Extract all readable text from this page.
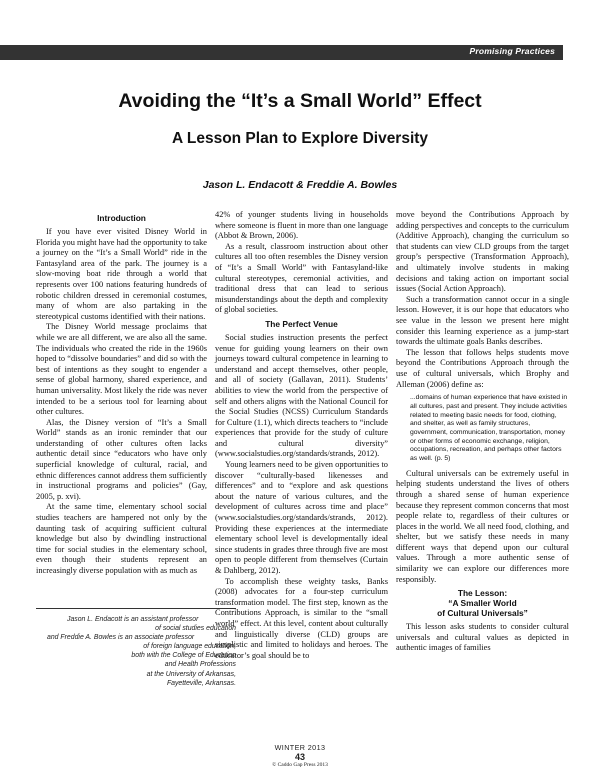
Promising Practices
Avoiding the “It’s a Small World” Effect
A Lesson Plan to Explore Diversity
Jason L. Endacott & Freddie A. Bowles
Introduction

If you have ever visited Disney World in Florida you might have had the opportunity to take a journey on the “It’s a Small World” ride in the Fantasyland area of the park. The journey is a slow-moving boat ride through a world that represents over 100 nations featuring hundreds of robotic children dressed in ceremonial costumes, many of whom are also partaking in the stereotypical customs identified with their nations.

The Disney World message proclaims that while we are all different, we are also all the same. The individuals who created the ride in the 1960s hoped to “dissolve boundaries” and did so with the best of intentions as they sought to engender a sense of global harmony, shared experience, and human universality. Most likely the ride was never intended to be a serious tool for learning about other cultures.

Alas, the Disney version of “It’s a Small World” stands as an ironic reminder that our understanding of other cultures often lacks authentic detail since “educators who have only superficial knowledge of cultural, racial, and ethnic differences cannot address them sufficiently in instructional programs and policies” (Gay, 2005, p. xvi).

At the same time, elementary school social studies teachers are hampered not only by the daunting task of acquiring sufficient cultural knowledge but also by dwindling instructional time for social studies in the elementary school, even though their students represent an increasingly diverse population with as much as

Jason L. Endacott is an assistant professor
of social studies education
and Freddie A. Bowles is an associate professor
of foreign language education,
both with the College of Education
and Health Professions
at the University of Arkansas,
Fayetteville, Arkansas.

42% of younger students living in households where someone is fluent in more than one language (Abbot & Brown, 2006).

As a result, classroom instruction about other cultures all too often resembles the Disney version of “It’s a Small World” with Fantasyland-like cultural stereotypes, ceremonial activities, and traditional dress that can lead to serious misunderstandings about the depth and complexity of global societies.

The Perfect Venue

Social studies instruction presents the perfect venue for guiding young learners on their own journeys toward cultural competence in learning to understand and accept themselves, other people, and all of society (Gallavan, 2011). Students’ abilities to view the world from the perspective of self and others aligns with the National Council for the Social Studies (NCSS) Curriculum Standards for Culture (1.1), which directs teachers to “include experiences that provide for the study of culture and cultural diversity” (www.socialstudies.org/standards/strands, 2012).

Young learners need to be given opportunities to discover “culturally-based likenesses and differences” and to “explore and ask questions about the nature of various cultures, and the development of cultures across time and place” (www.socialstudies.org/standards/strands, 2012). Providing these experiences at the intermediate elementary school level is developmentally ideal since students in grades three through five are most open to people different from themselves (Curtain & Dahlberg, 2012).

To accomplish these weighty tasks, Banks (2008) advocates for a four-step curriculum transformation model. The first step, known as the Contributions Approach, is similar to the “small world” effect. At this level, content about culturally and linguistically diverse (CLD) groups are simplistic and limited to holidays and heroes. The educator’s goal should be to

move beyond the Contributions Approach by adding perspectives and concepts to the curriculum (Additive Approach), changing the curriculum so that students can view CLD groups from the target group’s perspective (Transformation Approach), and ultimately involve students in making decisions and taking action on important social issues (Social Action Approach).

Such a transformation cannot occur in a single lesson. However, it is our hope that educators who see value in the lesson we present here might consider this learning experience as a jump-start towards the ultimate goals Banks describes.

The lesson that follows helps students move beyond the Contributions Approach through the use of cultural universals, which Brophy and Alleman (2006) define as:

...domains of human experience that have existed in all cultures, past and present. They include activities related to meeting basic needs for food, clothing, and shelter, as well as family structures, government, communication, transportation, money or other forms of economic exchange, religion, occupations, recreation, and perhaps other factors as well. (p. 5)

Cultural universals can be extremely useful in helping students understand the lives of others through a shared sense of human experience because they represent common concerns that most people relate to, regardless of their cultures or places in the world. We all need food, clothing, and shelter, but we satisfy these needs in many different ways that depend upon our cultural values. Through a more authentic sense of similarity we can explore our differences more responsibly.

The Lesson:
“A Smaller World
of Cultural Universals”

This lesson asks students to consider cultural universals and cultural values as depicted in authentic images of families

WINTER 2013
43
© Caddo Gap Press 2013
